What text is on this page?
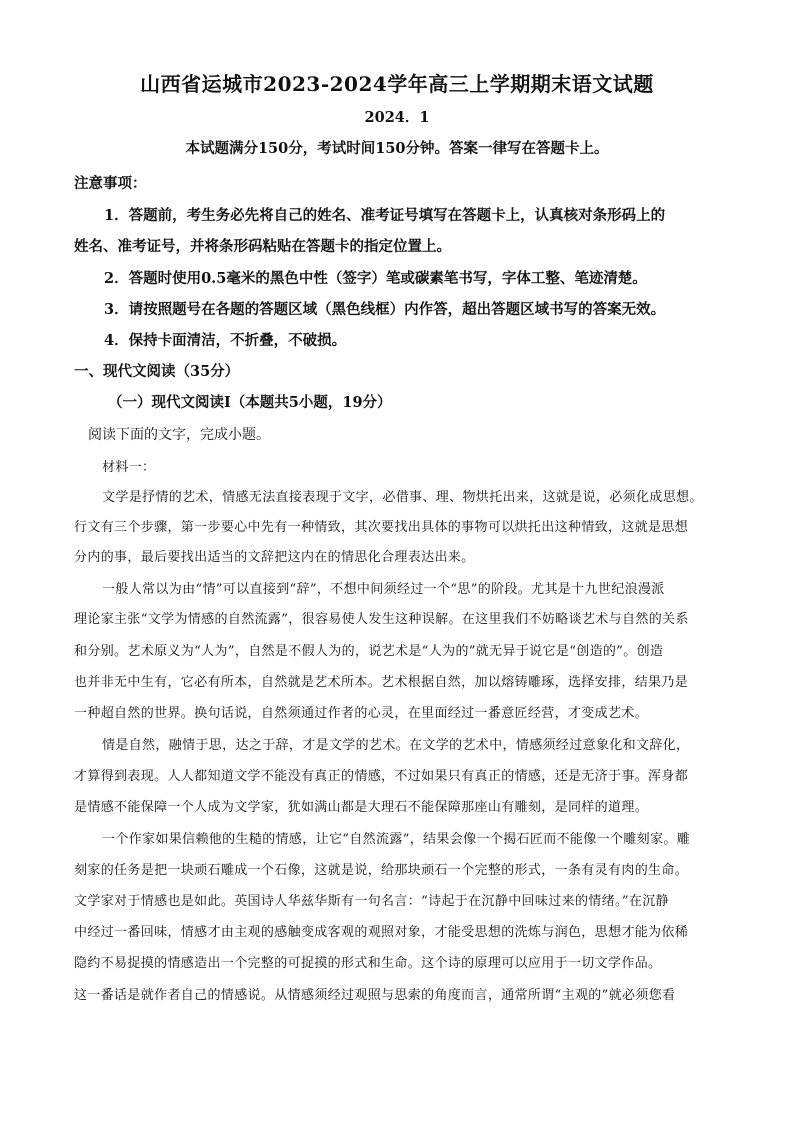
山西省运城市2023-2024学年高三上学期期末语文试题
2024．1
本试题满分150分，考试时间150分钟。答案一律写在答题卡上。
注意事项：
1．答题前，考生务必先将自己的姓名、准考证号填写在答题卡上，认真核对条形码上的
姓名、准考证号，并将条形码粘贴在答题卡的指定位置上。
2．答题时使用0.5毫米的黑色中性（签字）笔或碳素笔书写，字体工整、笔迹清楚。
3．请按照题号在各题的答题区域（黑色线框）内作答，超出答题区域书写的答案无效。
4．保持卡面清洁，不折叠，不破损。
一、现代文阅读（35分）
（一）现代文阅读Ⅰ（本题共5小题，19分）
阅读下面的文字，完成小题。
材料一：
文学是抒情的艺术，情感无法直接表现于文字，必借事、理、物烘托出来，这就是说，必须化成思想。
行文有三个步骤，第一步要心中先有一种情致，其次要找出具体的事物可以烘托出这种情致，这就是思想
分内的事，最后要找出适当的文辞把这内在的情思化合理表达出来。
一般人常以为由“情”可以直接到“辞”，不想中间须经过一个“思”的阶段。尤其是十九世纪浪漫派
理论家主张“文学为情感的自然流露”，很容易使人发生这种误解。在这里我们不妨略谈艺术与自然的关系
和分别。艺术原义为“人为”，自然是不假人为的，说艺术是“人为的”就无异于说它是“创造的”。创造
也并非无中生有，它必有所本，自然就是艺术所本。艺术根据自然，加以熔铸雕琢，选择安排，结果乃是
一种超自然的世界。换句话说，自然须通过作者的心灵，在里面经过一番意匠经营，才变成艺术。
情是自然，融情于思，达之于辞，才是文学的艺术。在文学的艺术中，情感须经过意象化和文辞化，
才算得到表现。人人都知道文学不能没有真正的情感，不过如果只有真正的情感，还是无济于事。浑身都
是情感不能保障一个人成为文学家，犹如满山都是大理石不能保障那座山有雕刻，是同样的道理。
一个作家如果信赖他的生糙的情感，让它“自然流露”，结果会像一个揭石匠而不能像一个雕刻家。雕
刻家的任务是把一块顽石雕成一个石像，这就是说，给那块顽石一个完整的形式，一条有灵有肉的生命。
文学家对于情感也是如此。英国诗人华兹华斯有一句名言：“诗起于在沉静中回味过来的情绪。”在沉静
中经过一番回味，情感才由主观的感触变成客观的观照对象，才能受思想的洗炼与润色，思想才能为依稀
隐约不易捉摸的情感造出一个完整的可捉摸的形式和生命。这个诗的原理可以应用于一切文学作品。
这一番话是就作者自己的情感说。从情感须经过观照与思索的角度而言，通常所谓“主观的”就必须您看
